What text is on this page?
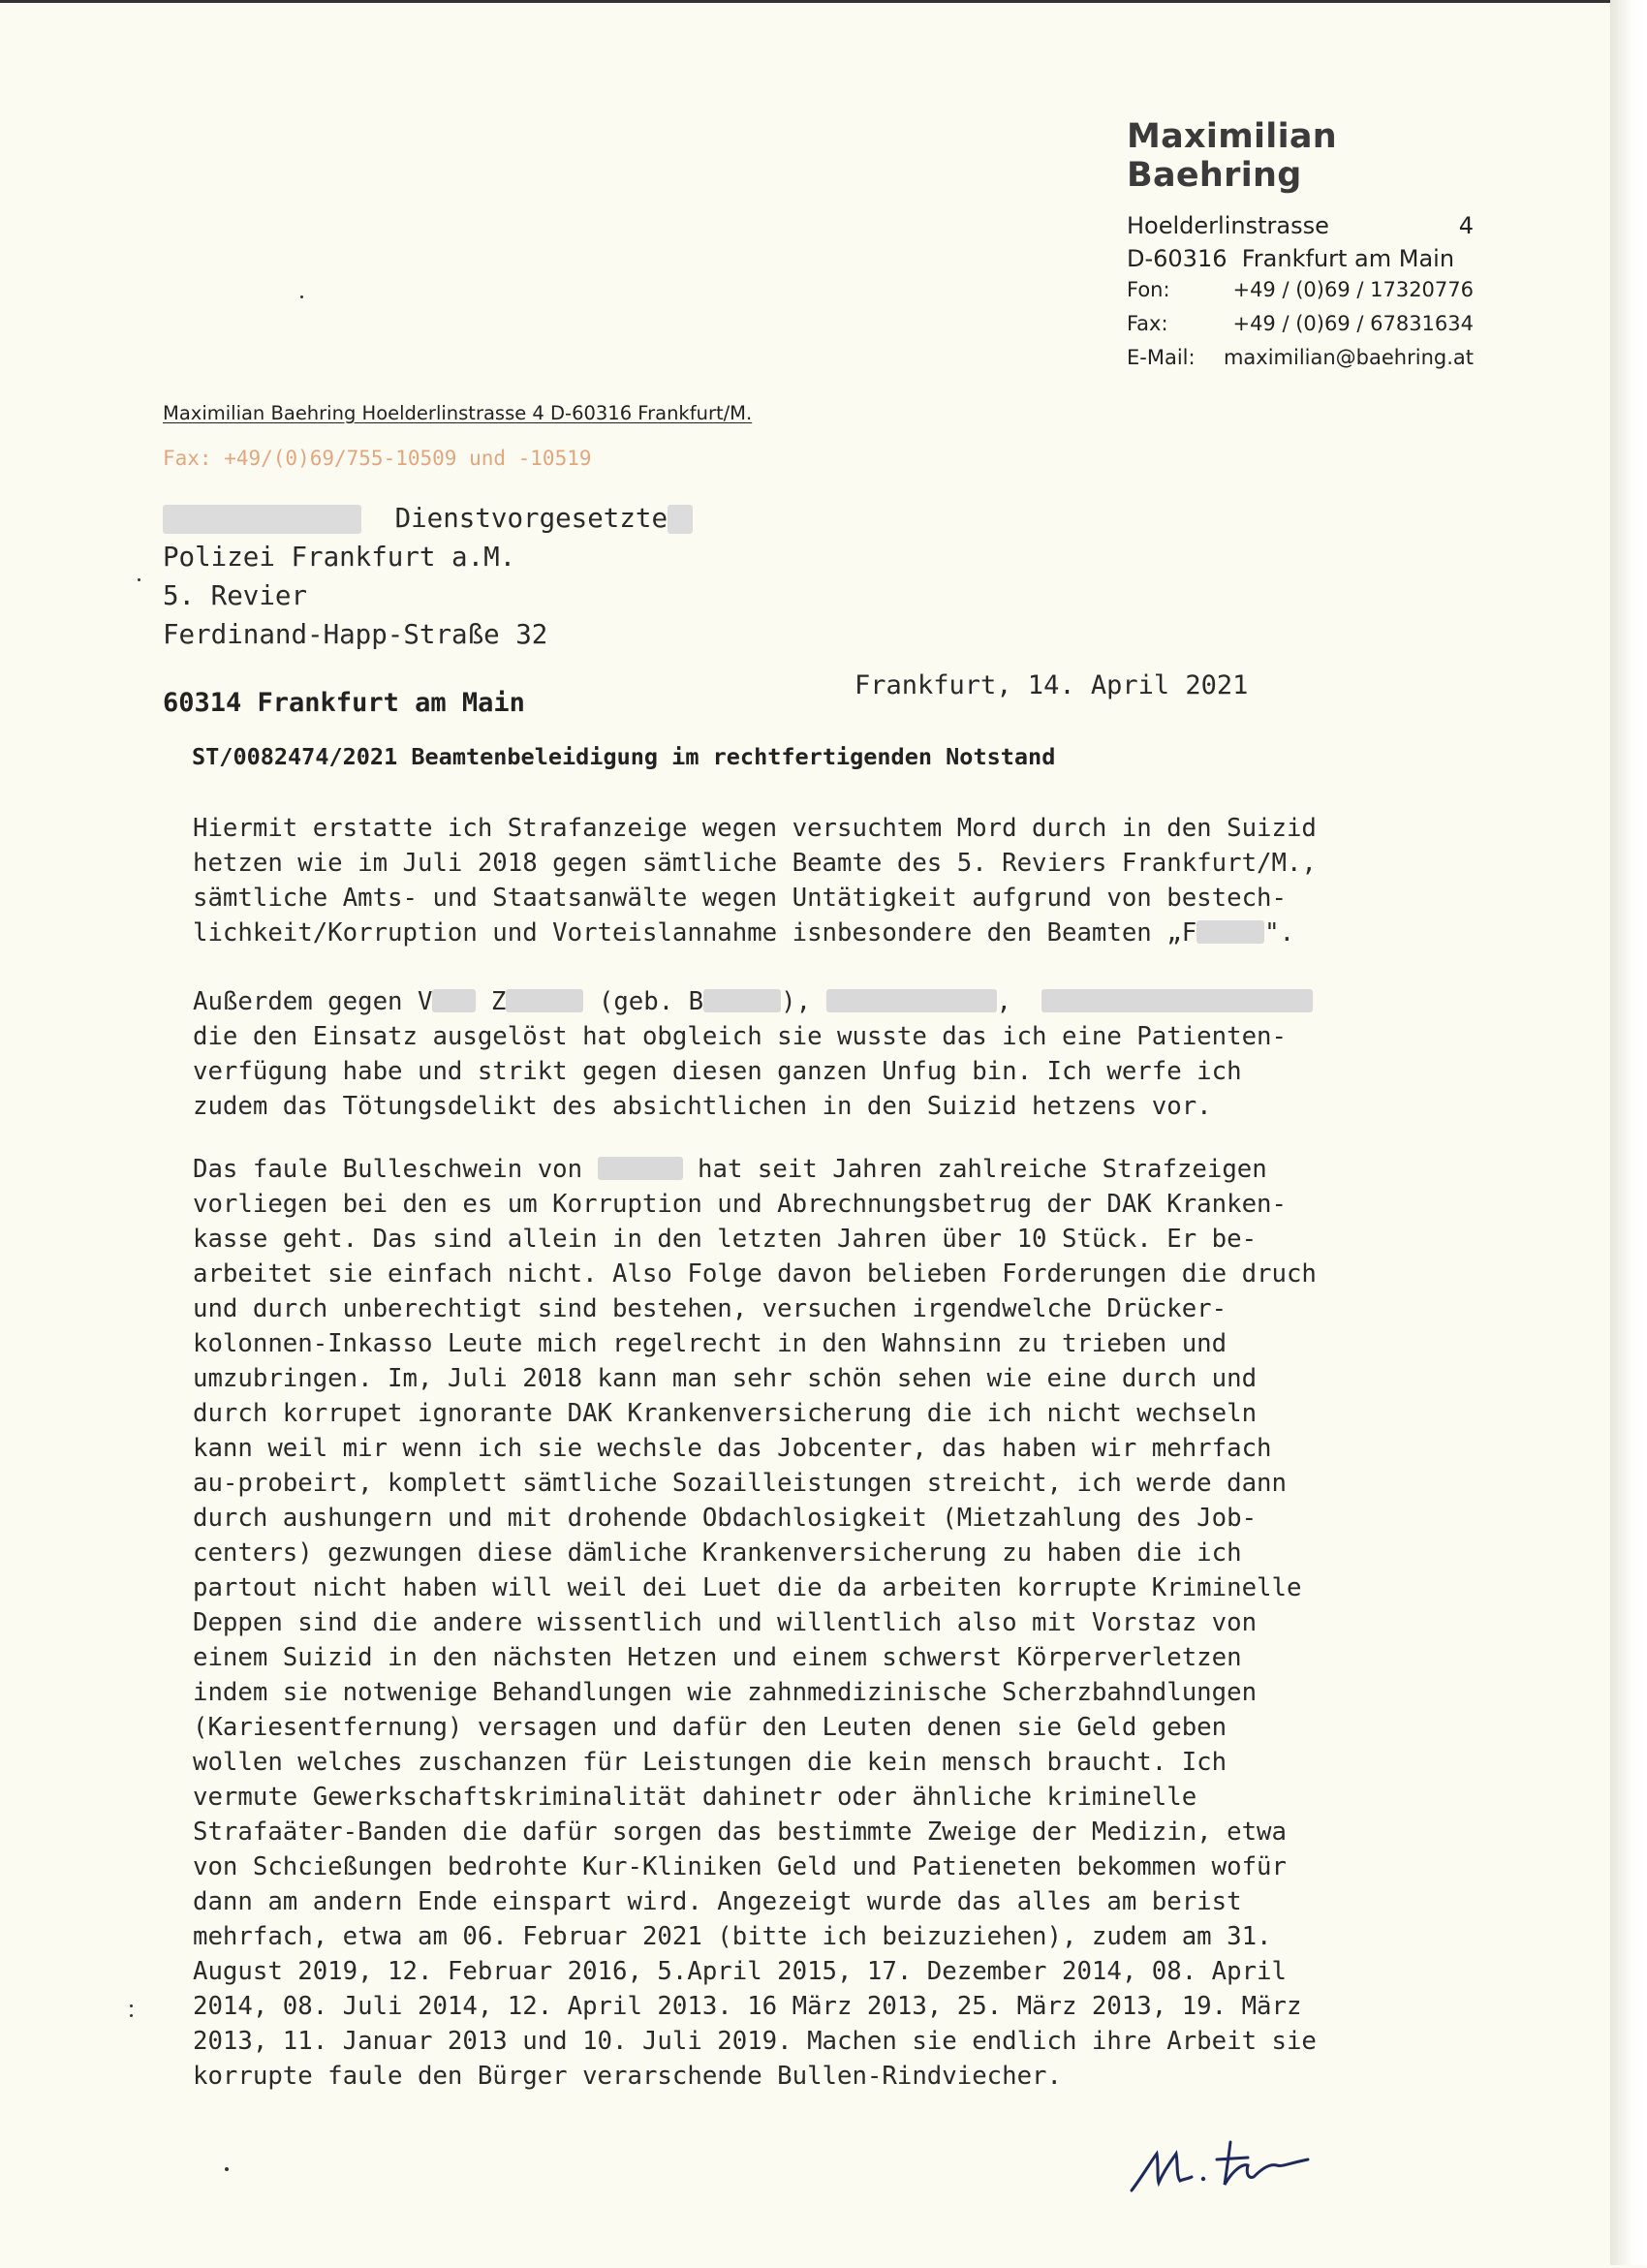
Maximilian Baehring
Hoelderlinstrasse	4
D-60316  Frankfurt am Main
Fon:	+49 / (0)69 / 17320776
Fax:	+49 / (0)69 / 67831634
E-Mail:	maximilian@baehring.at
Maximilian Baehring Hoelderlinstrasse 4 D-60316 Frankfurt/M.
Fax: +49/(0)69/755-10509 und -10519
Dienstvorgesetzte
Polizei Frankfurt a.M.
5. Revier
Ferdinand-Happ-Straße 32
Frankfurt, 14. April 2021
60314 Frankfurt am Main
ST/0082474/2021 Beamtenbeleidigung im rechtfertigenden Notstand
Hiermit erstatte ich Strafanzeige wegen versuchtem Mord durch in den Suizid
hetzen wie im Juli 2018 gegen sämtliche Beamte des 5. Reviers Frankfurt/M.,
sämtliche Amts- und Staatsanwälte wegen Untätigkeit aufgrund von bestech-
lichkeit/Korruption und Vorteislannahme isnbesondere den Beamten „F	".
Außerdem gegen V Z	(geb. B	),	,
die den Einsatz ausgelöst hat obgleich sie wusste das ich eine Patienten-
verfügung habe und strikt gegen diesen ganzen Unfug bin. Ich werfe ich
zudem das Tötungsdelikt des absichtlichen in den Suizid hetzens vor.
Das faule Bulleschwein von	hat seit Jahren zahlreiche Strafzeigen
vorliegen bei den es um Korruption und Abrechnungsbetrug der DAK Kranken-
kasse geht. Das sind allein in den letzten Jahren über 10 Stück. Er be-
arbeitet sie einfach nicht. Also Folge davon belieben Forderungen die druch
und durch unberechtigt sind bestehen, versuchen irgendwelche Drücker-
kolonnen-Inkasso Leute mich regelrecht in den Wahnsinn zu trieben und
umzubringen. Im, Juli 2018 kann man sehr schön sehen wie eine durch und
durch korrupet ignorante DAK Krankenversicherung die ich nicht wechseln
kann weil mir wenn ich sie wechsle das Jobcenter, das haben wir mehrfach
au-probeirt, komplett sämtliche Sozailleistungen streicht, ich werde dann
durch aushungern und mit drohende Obdachlosigkeit (Mietzahlung des Job-
centers) gezwungen diese dämliche Krankenversicherung zu haben die ich
partout nicht haben will weil dei Luet die da arbeiten korrupte Kriminelle
Deppen sind die andere wissentlich und willentlich also mit Vorstaz von
einem Suizid in den nächsten Hetzen und einem schwerst Körperverletzen
indem sie notwenige Behandlungen wie zahnmedizinische Scherzbahndlungen
(Kariesentfernung) versagen und dafür den Leuten denen sie Geld geben
wollen welches zuschanzen für Leistungen die kein mensch braucht. Ich
vermute Gewerkschaftskriminalität dahinetr oder ähnliche kriminelle
Strafaäter-Banden die dafür sorgen das bestimmte Zweige der Medizin, etwa
von Schcießungen bedrohte Kur-Kliniken Geld und Patieneten bekommen wofür
dann am andern Ende einspart wird. Angezeigt wurde das alles am berist
mehrfach, etwa am 06. Februar 2021 (bitte ich beizuziehen), zudem am 31.
August 2019, 12. Februar 2016, 5.April 2015, 17. Dezember 2014, 08. April
2014, 08. Juli 2014, 12. April 2013. 16 März 2013, 25. März 2013, 19. März
2013, 11. Januar 2013 und 10. Juli 2019. Machen sie endlich ihre Arbeit sie
korrupte faule den Bürger verarschende Bullen-Rindviecher.
